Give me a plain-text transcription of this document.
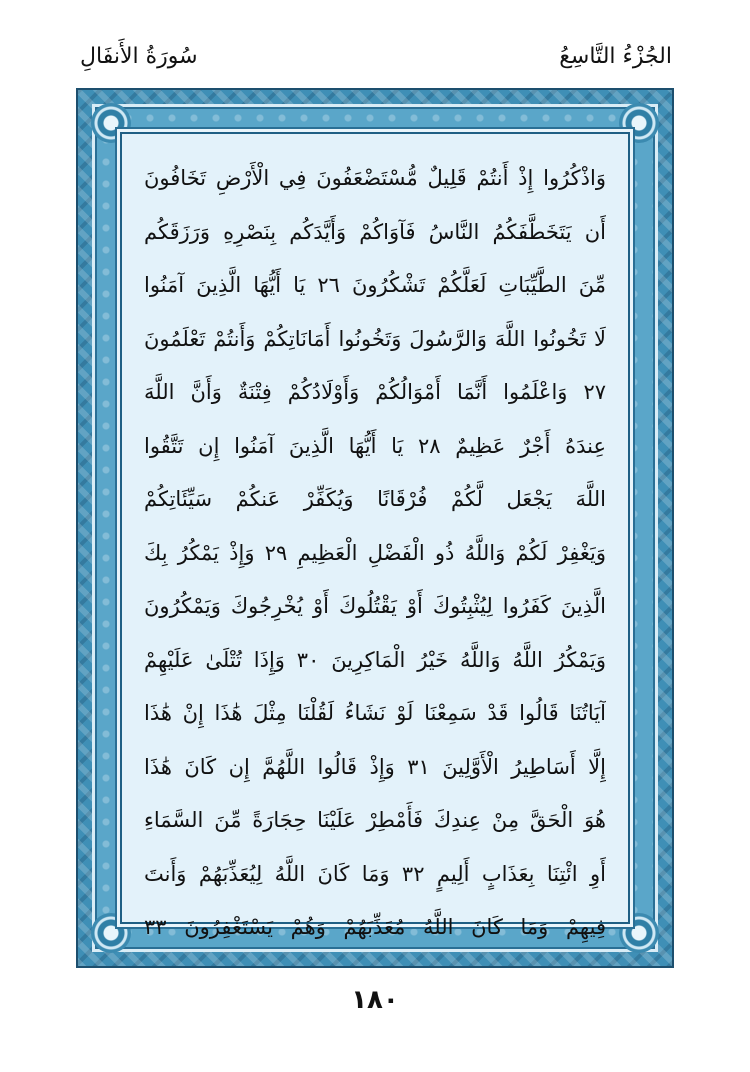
الجُزْءُ التَّاسِعُ
سُورَةُ الأَنفَالِ
وَاذْكُرُوا إِذْ أَنتُمْ قَلِيلٌ مُّسْتَضْعَفُونَ فِي الْأَرْضِ تَخَافُونَ
أَن يَتَخَطَّفَكُمُ النَّاسُ فَآوَاكُمْ وَأَيَّدَكُم بِنَصْرِهِ وَرَزَقَكُم
مِّنَ الطَّيِّبَاتِ لَعَلَّكُمْ تَشْكُرُونَ ٢٦ يَا أَيُّهَا الَّذِينَ آمَنُوا
لَا تَخُونُوا اللَّهَ وَالرَّسُولَ وَتَخُونُوا أَمَانَاتِكُمْ وَأَنتُمْ تَعْلَمُونَ
٢٧ وَاعْلَمُوا أَنَّمَا أَمْوَالُكُمْ وَأَوْلَادُكُمْ فِتْنَةٌ وَأَنَّ اللَّهَ
عِندَهُ أَجْرٌ عَظِيمٌ ٢٨ يَا أَيُّهَا الَّذِينَ آمَنُوا إِن تَتَّقُوا
اللَّهَ يَجْعَل لَّكُمْ فُرْقَانًا وَيُكَفِّرْ عَنكُمْ سَيِّئَاتِكُمْ
وَيَغْفِرْ لَكُمْ وَاللَّهُ ذُو الْفَضْلِ الْعَظِيمِ ٢٩ وَإِذْ يَمْكُرُ بِكَ
الَّذِينَ كَفَرُوا لِيُثْبِتُوكَ أَوْ يَقْتُلُوكَ أَوْ يُخْرِجُوكَ وَيَمْكُرُونَ
وَيَمْكُرُ اللَّهُ وَاللَّهُ خَيْرُ الْمَاكِرِينَ ٣٠ وَإِذَا تُتْلَىٰ عَلَيْهِمْ
آيَاتُنَا قَالُوا قَدْ سَمِعْنَا لَوْ نَشَاءُ لَقُلْنَا مِثْلَ هَٰذَا إِنْ هَٰذَا
إِلَّا أَسَاطِيرُ الْأَوَّلِينَ ٣١ وَإِذْ قَالُوا اللَّهُمَّ إِن كَانَ هَٰذَا
هُوَ الْحَقَّ مِنْ عِندِكَ فَأَمْطِرْ عَلَيْنَا حِجَارَةً مِّنَ السَّمَاءِ
أَوِ ائْتِنَا بِعَذَابٍ أَلِيمٍ ٣٢ وَمَا كَانَ اللَّهُ لِيُعَذِّبَهُمْ وَأَنتَ
فِيهِمْ وَمَا كَانَ اللَّهُ مُعَذِّبَهُمْ وَهُمْ يَسْتَغْفِرُونَ ٣٣
١٨٠
